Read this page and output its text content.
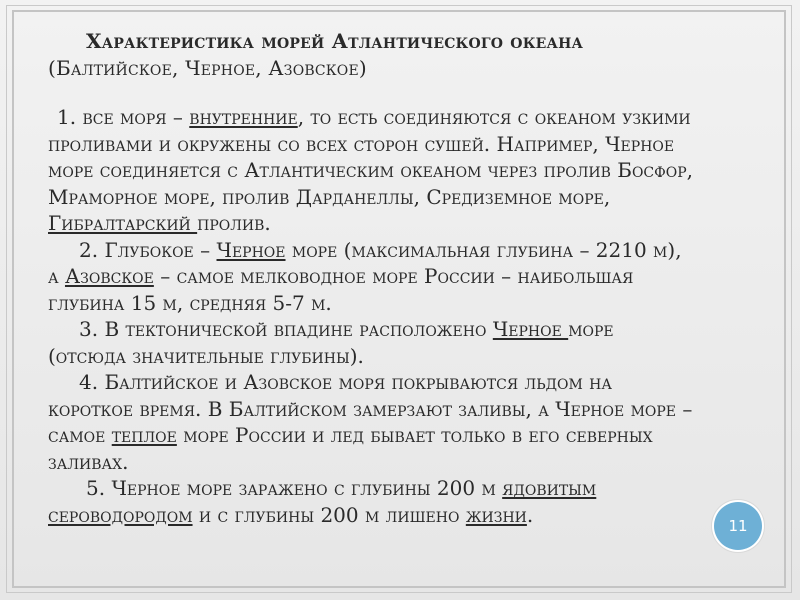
Характеристика морей Атлантического океана
(Балтийское, Черное, Азовское)

1. все моря – внутренние, то есть соединяются с океаном узкими проливами и окружены со всех сторон сушей. Например, Черное море соединяется с Атлантическим океаном через пролив Босфор, Мраморное море, пролив Дарданеллы, Средиземное море, Гибралтарский пролив.

2. Глубокое – Черное море (максимальная глубина – 2210 м), а Азовское – самое мелководное море России – наибольшая глубина 15 м, средняя 5-7 м.

3. В тектонической впадине расположено Черное море (отсюда значительные глубины).

4. Балтийское и Азовское моря покрываются льдом на короткое время. В Балтийском замерзают заливы, а Черное море – самое теплое море России и лед бывает только в его северных заливах.

5. Черное море заражено с глубины 200 м ядовитым сероводородом и с глубины 200 м лишено жизни.	11
